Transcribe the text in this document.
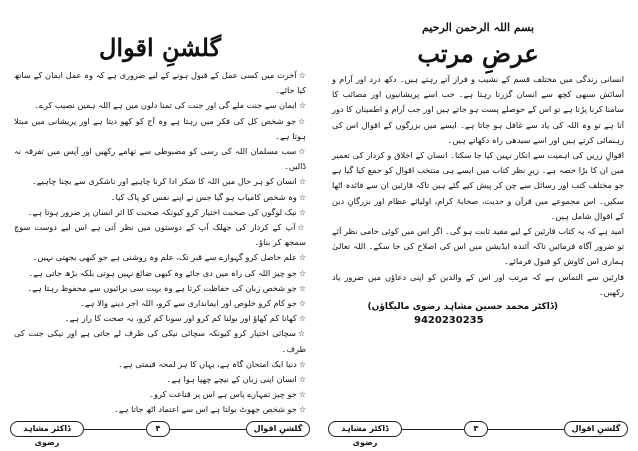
گلشنِ اقوال

☆آخرت میں کسی عمل کے قبول ہونے کے لیے ضروری ہے کہ وہ عمل ایمان کے ساتھ کیا جائے۔

☆ایمان سے جنت ملے گی اور جنت کی تمنا دلوں میں ہے اللہ ہمیں نصیب کرے۔

☆جو شخص کل کی فکر میں رہتا ہے وہ آج کو کھو دیتا ہے اور پریشانی میں مبتلا ہوتا ہے۔

☆سب مسلمان اللہ کی رسی کو مضبوطی سے تھامے رکھیں اور آپس میں تفرقہ نہ ڈالیں۔

☆انسان کو ہر حال میں اللہ کا شکر ادا کرنا چاہیے اور ناشکری سے بچنا چاہیے۔

☆وہ شخص کامیاب ہو گیا جس نے اپنے نفس کو پاک کیا۔

☆نیک لوگوں کی صحبت اختیار کرو کیونکہ صحبت کا اثر انسان پر ضرور ہوتا ہے۔

☆آپ کے کردار کی جھلک آپ کے دوستوں میں نظر آتی ہے اس لیے دوست سوچ سمجھ کر بناؤ۔

☆علم حاصل کرو گہوارے سے قبر تک، علم وہ روشنی ہے جو کبھی بجھتی نہیں۔

☆جو چیز اللہ کی راہ میں دی جائے وہ کبھی ضائع نہیں ہوتی بلکہ بڑھ جاتی ہے۔

☆جو شخص زبان کی حفاظت کرتا ہے وہ بہت سی برائیوں سے محفوظ رہتا ہے۔

☆جو کام کرو خلوص اور ایمانداری سے کرو، اللہ اجر دینے والا ہے۔

☆کھانا کم کھاؤ اور بولنا کم کرو اور سونا کم کرو، یہ صحت کا راز ہے۔

☆سچائی اختیار کرو کیونکہ سچائی نیکی کی طرف لے جاتی ہے اور نیکی جنت کی طرف۔

☆دنیا ایک امتحان گاہ ہے، یہاں کا ہر لمحہ قیمتی ہے۔

☆انسان اپنی زبان کے نیچے چھپا ہوا ہے۔

☆جو چیز تمہارے پاس ہے اس پر قناعت کرو۔

☆جو شخص جھوٹ بولتا ہے اس سے اعتماد اٹھ جاتا ہے۔

ڈاکٹر مشاہد رضوی
۴	گلشنِ اقوال
بسم اللہ الرحمن الرحیم
عرضِ مرتب

انسانی زندگی میں مختلف قسم کے نشیب و فراز آتے رہتے ہیں۔ دکھ درد اور آرام و آسائش سبھی کچھ سے انسان گزرتا رہتا ہے۔ جب اسے پریشانیوں اور مصائب کا سامنا کرنا پڑتا ہے تو اس کے حوصلے پست ہو جاتے ہیں اور جب آرام و اطمینان کا دور آتا ہے تو وہ اللہ کی یاد سے غافل ہو جاتا ہے۔ ایسے میں بزرگوں کے اقوال اس کی رہنمائی کرتے ہیں اور اسے سیدھی راہ دکھاتے ہیں۔

اقوالِ زریں کی اہمیت سے انکار نہیں کیا جا سکتا۔ انسان کے اخلاق و کردار کی تعمیر میں ان کا بڑا حصہ ہے۔ زیرِ نظر کتاب میں ایسے ہی منتخب اقوال کو جمع کیا گیا ہے جو مختلف کتب اور رسائل سے چن کر پیش کیے گئے ہیں تاکہ قارئین ان سے فائدہ اٹھا سکیں۔ اس مجموعے میں قرآن و حدیث، صحابۂ کرام، اولیائے عظام اور بزرگانِ دین کے اقوال شامل ہیں۔

امید ہے کہ یہ کتاب قارئین کے لیے مفید ثابت ہو گی۔ اگر اس میں کوئی خامی نظر آئے تو ضرور آگاہ فرمائیں تاکہ آئندہ ایڈیشن میں اس کی اصلاح کی جا سکے۔ اللہ تعالیٰ ہماری اس کاوش کو قبول فرمائے۔

قارئین سے التماس ہے کہ مرتب اور اس کے والدین کو اپنی دعاؤں میں ضرور یاد رکھیں۔

(ڈاکٹر محمد حسین مشاہد رضوی مالیگاؤں)
9420230235
ڈاکٹر مشاہد رضوی
۳	گلشنِ اقوال
